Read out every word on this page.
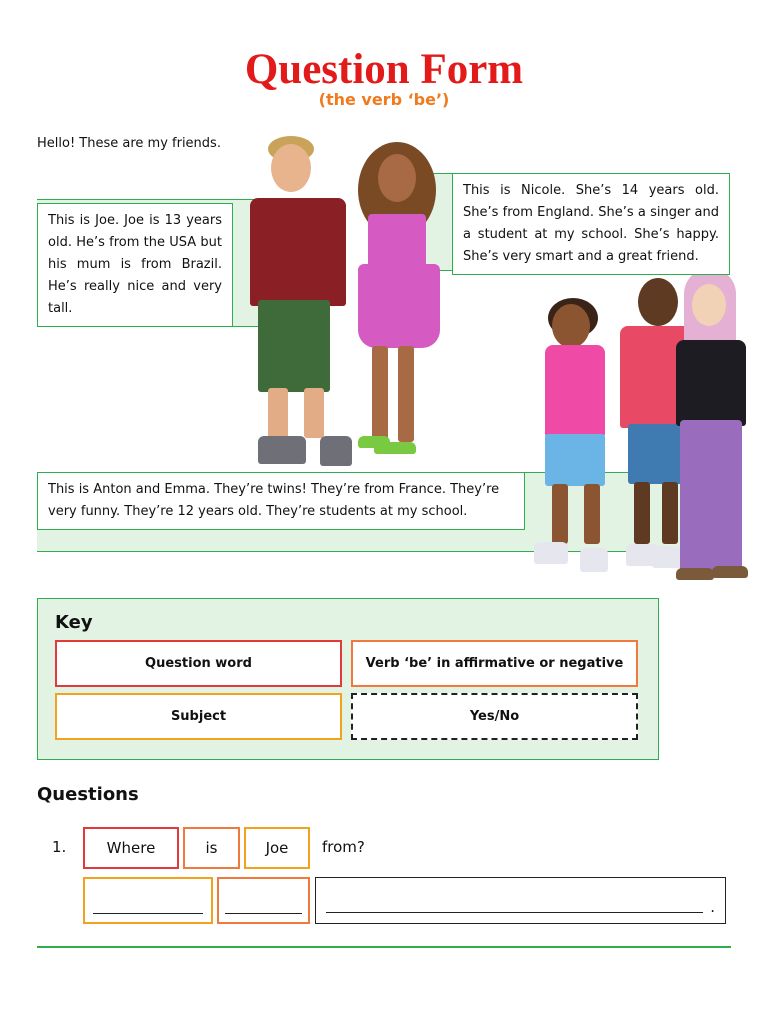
Question Form
(the verb ‘be’)
Hello! These are my friends.
This is Joe. Joe is 13 years old. He’s from the USA but his mum is from Brazil. He’s really nice and very tall.
This is Nicole. She’s 14 years old. She’s from England. She’s a singer and a student at my school. She’s happy. She’s very smart and a great friend.
This is Anton and Emma. They’re twins! They’re from France. They’re very funny. They’re 12 years old. They’re students at my school.
Key
Question word	Verb ‘be’ in affirmative or negative
Subject	Yes/No
Questions
1.	Where	is	Joe	from?
.
